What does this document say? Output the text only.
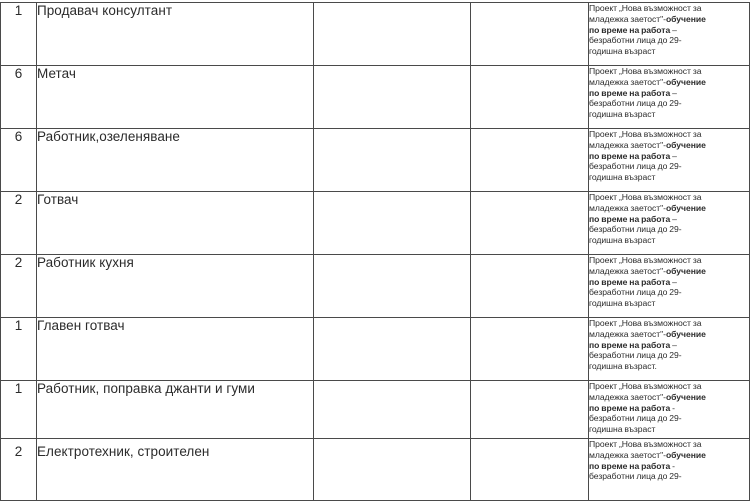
1	Продавач консултант			Проект „Нова възможност за
младежка заетост"-обучение
по време на работа –
безработни лица до 29-
годишна възраст

6	Метач			Проект „Нова възможност за
младежка заетост"-обучение
по време на работа –
безработни лица до 29-
годишна възраст

6	Работник,озеленяване			Проект „Нова възможност за
младежка заетост"-обучение
по време на работа –
безработни лица до 29-
годишна възраст

2	Готвач			Проект „Нова възможност за
младежка заетост"-обучение
по време на работа –
безработни лица до 29-
годишна възраст

2	Работник кухня			Проект „Нова възможност за
младежка заетост"-обучение
по време на работа –
безработни лица до 29-
годишна възраст

1	Главен готвач			Проект „Нова възможност за
младежка заетост"-обучение
по време на работа –
безработни лица до 29-
годишна възраст.

1	Работник, поправка джанти и гуми			Проект „Нова възможност за
младежка заетост"-обучение
по време на работа -
безработни лица до 29-
годишна възраст

2	Електротехник, строителен			Проект „Нова възможност за
младежка заетост"-обучение
по време на работа -
безработни лица до 29-
